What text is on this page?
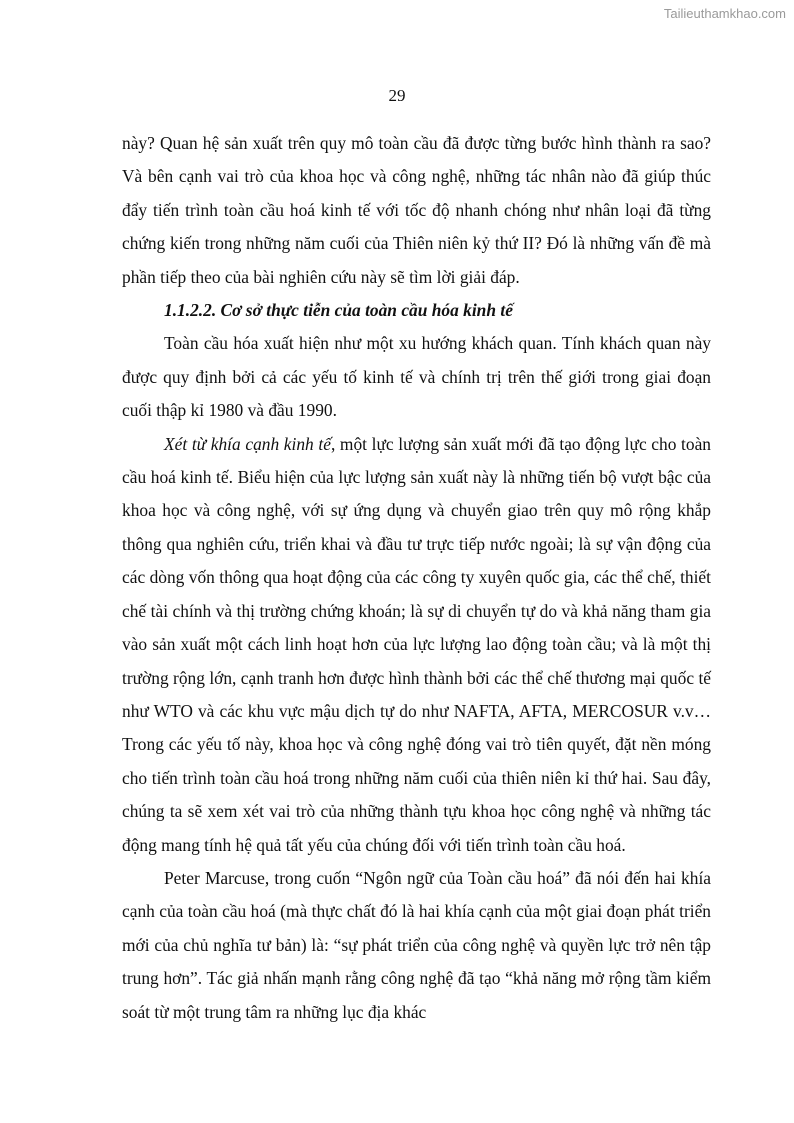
Tailieuthamkhao.com
29

này? Quan hệ sản xuất trên quy mô toàn cầu đã được từng bước hình thành ra sao? Và bên cạnh vai trò của khoa học và công nghệ, những tác nhân nào đã giúp thúc đẩy tiến trình toàn cầu hoá kinh tế với tốc độ nhanh chóng như nhân loại đã từng chứng kiến trong những năm cuối của Thiên niên kỷ thứ II? Đó là những vấn đề mà phần tiếp theo của bài nghiên cứu này sẽ tìm lời giải đáp.

1.1.2.2. Cơ sở thực tiễn của toàn cầu hóa kinh tế

Toàn cầu hóa xuất hiện như một xu hướng khách quan. Tính khách quan này được quy định bởi cả các yếu tố kinh tế và chính trị trên thế giới trong giai đoạn cuối thập kỉ 1980 và đầu 1990.

Xét từ khía cạnh kinh tế, một lực lượng sản xuất mới đã tạo động lực cho toàn cầu hoá kinh tế. Biểu hiện của lực lượng sản xuất này là những tiến bộ vượt bậc của khoa học và công nghệ, với sự ứng dụng và chuyển giao trên quy mô rộng khắp thông qua nghiên cứu, triển khai và đầu tư trực tiếp nước ngoài; là sự vận động của các dòng vốn thông qua hoạt động của các công ty xuyên quốc gia, các thể chế, thiết chế tài chính và thị trường chứng khoán; là sự di chuyển tự do và khả năng tham gia vào sản xuất một cách linh hoạt hơn của lực lượng lao động toàn cầu; và là một thị trường rộng lớn, cạnh tranh hơn được hình thành bởi các thể chế thương mại quốc tế như WTO và các khu vực mậu dịch tự do như NAFTA, AFTA, MERCOSUR v.v… Trong các yếu tố này, khoa học và công nghệ đóng vai trò tiên quyết, đặt nền móng cho tiến trình toàn cầu hoá trong những năm cuối của thiên niên kỉ thứ hai. Sau đây, chúng ta sẽ xem xét vai trò của những thành tựu khoa học công nghệ và những tác động mang tính hệ quả tất yếu của chúng đối với tiến trình toàn cầu hoá.

Peter Marcuse, trong cuốn “Ngôn ngữ của Toàn cầu hoá” đã nói đến hai khía cạnh của toàn cầu hoá (mà thực chất đó là hai khía cạnh của một giai đoạn phát triển mới của chủ nghĩa tư bản) là: “sự phát triển của công nghệ và quyền lực trở nên tập trung hơn”. Tác giả nhấn mạnh rằng công nghệ đã tạo “khả năng mở rộng tầm kiểm soát từ một trung tâm ra những lục địa khác
